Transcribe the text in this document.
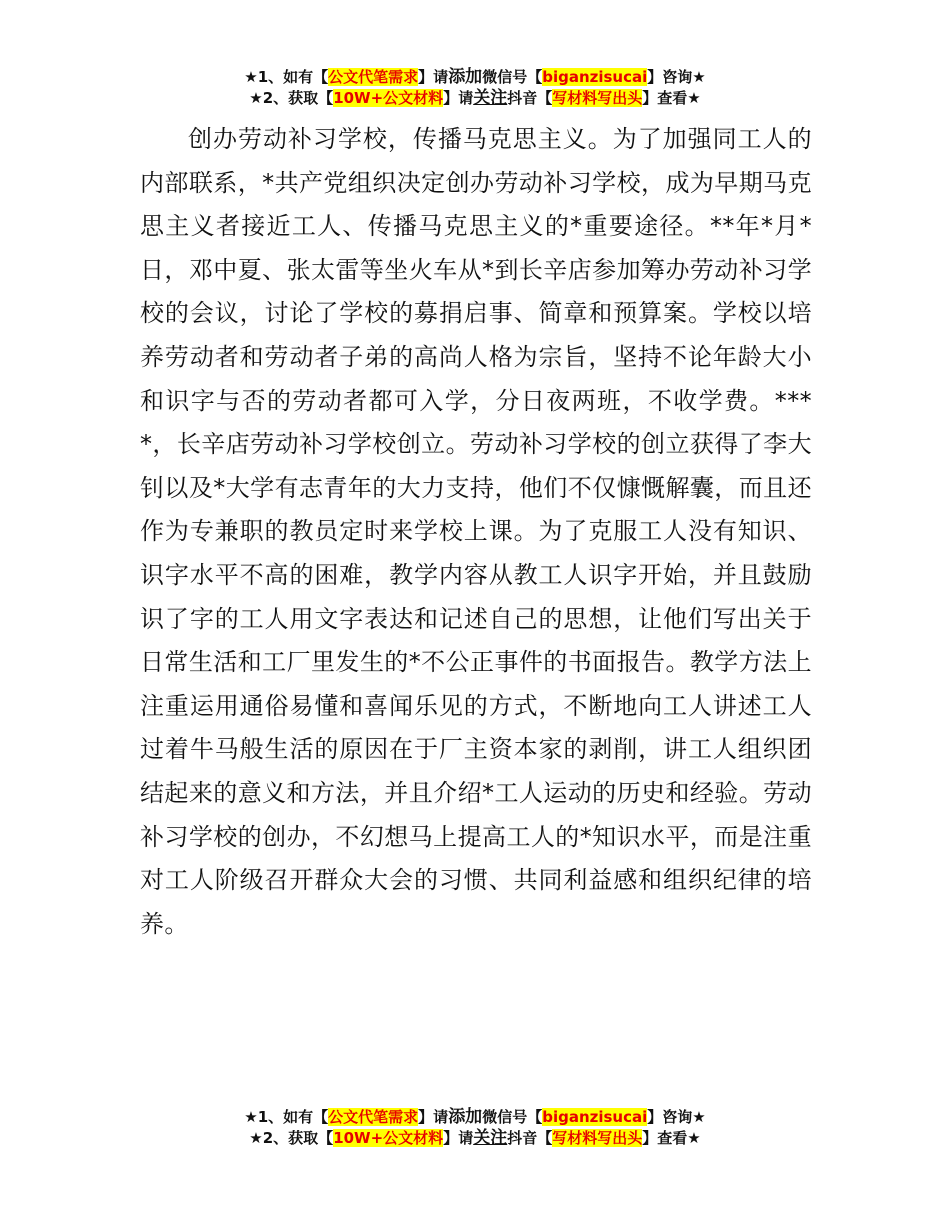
★1、如有【公文代笔需求】请添加微信号【biganzisucai】咨询★
★2、获取【10W+公文材料】请关注抖音【写材料写出头】查看★

创办劳动补习学校，传播马克思主义。为了加强同工人的内部联系，*共产党组织决定创办劳动补习学校，成为早期马克思主义者接近工人、传播马克思主义的*重要途径。**年*月*日，邓中夏、张太雷等坐火车从*到长辛店参加筹办劳动补习学校的会议，讨论了学校的募捐启事、简章和预算案。学校以培养劳动者和劳动者子弟的高尚人格为宗旨，坚持不论年龄大小和识字与否的劳动者都可入学，分日夜两班，不收学费。****，长辛店劳动补习学校创立。劳动补习学校的创立获得了李大钊以及*大学有志青年的大力支持，他们不仅慷慨解囊，而且还作为专兼职的教员定时来学校上课。为了克服工人没有知识、识字水平不高的困难，教学内容从教工人识字开始，并且鼓励识了字的工人用文字表达和记述自己的思想，让他们写出关于日常生活和工厂里发生的*不公正事件的书面报告。教学方法上注重运用通俗易懂和喜闻乐见的方式，不断地向工人讲述工人过着牛马般生活的原因在于厂主资本家的剥削，讲工人组织团结起来的意义和方法，并且介绍*工人运动的历史和经验。劳动补习学校的创办，不幻想马上提高工人的*知识水平，而是注重对工人阶级召开群众大会的习惯、共同利益感和组织纪律的培养。

★1、如有【公文代笔需求】请添加微信号【biganzisucai】咨询★
★2、获取【10W+公文材料】请关注抖音【写材料写出头】查看★
